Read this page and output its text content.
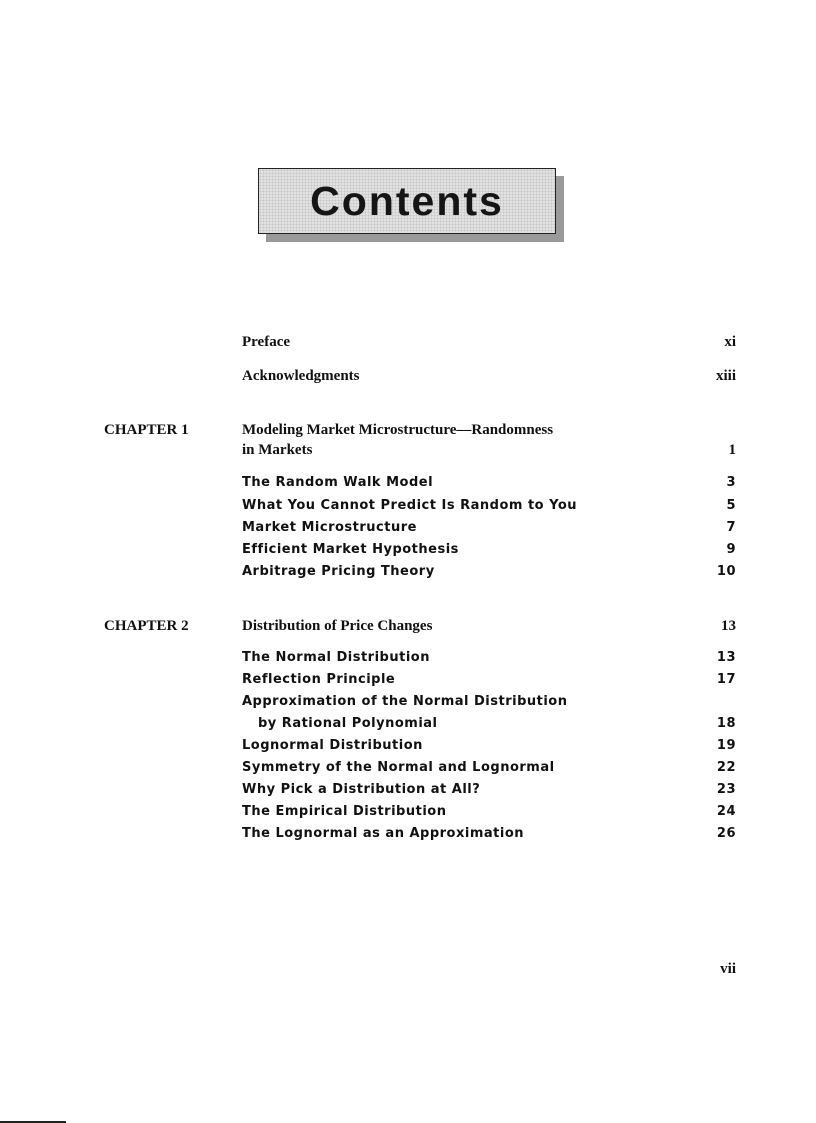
Contents
Preface	xi
Acknowledgments	xiii
CHAPTER 1	Modeling Market Microstructure—Randomness
in Markets	1
The Random Walk Model	3
What You Cannot Predict Is Random to You	5
Market Microstructure	7
Efficient Market Hypothesis	9
Arbitrage Pricing Theory	10
CHAPTER 2	Distribution of Price Changes	13
The Normal Distribution	13
Reflection Principle	17
Approximation of the Normal Distribution
by Rational Polynomial	18
Lognormal Distribution	19
Symmetry of the Normal and Lognormal	22
Why Pick a Distribution at All?	23
The Empirical Distribution	24
The Lognormal as an Approximation	26
vii
